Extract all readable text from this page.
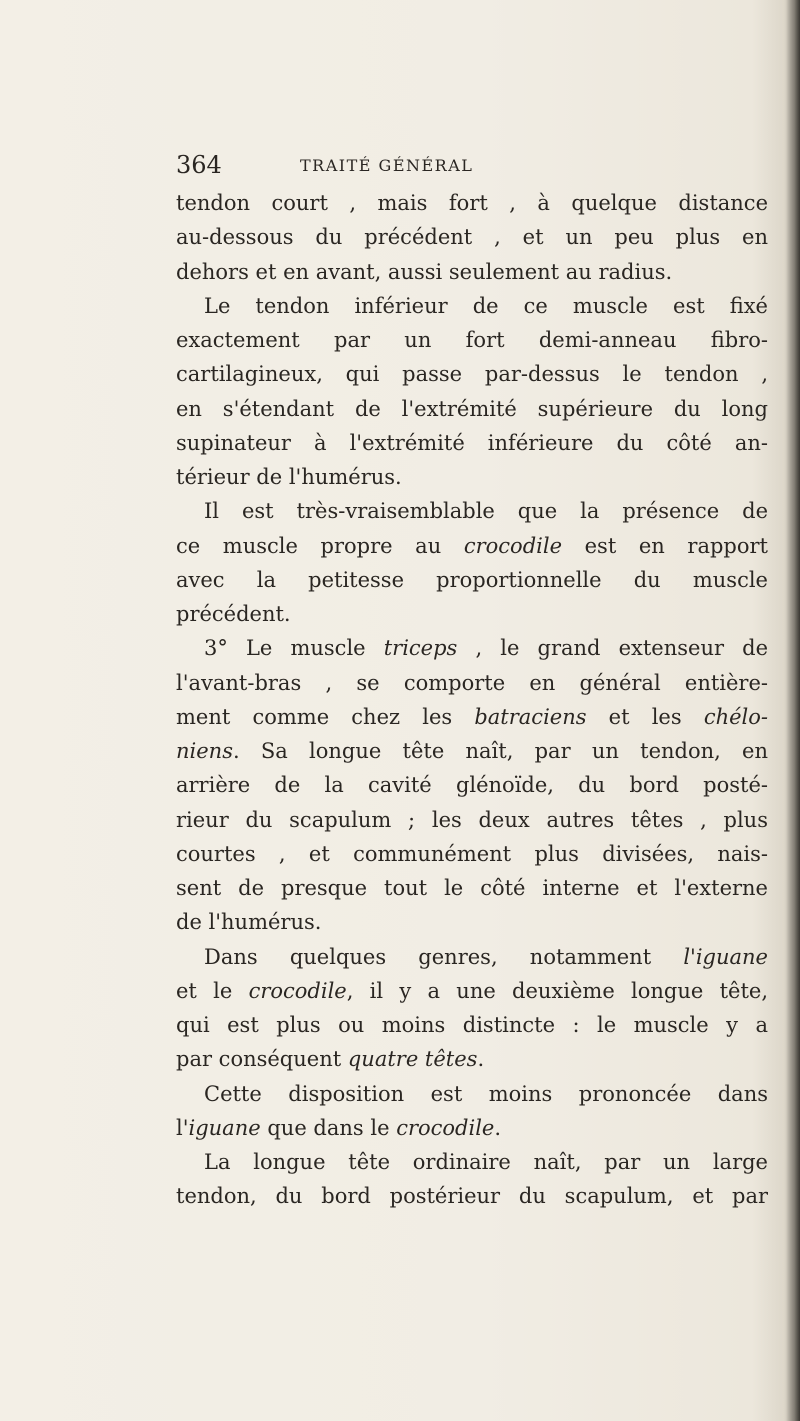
364	TRAITÉ GÉNÉRAL
tendon court , mais fort , à quelque distance
au-dessous du précédent , et un peu plus en
dehors et en avant, aussi seulement au radius.
Le tendon inférieur de ce muscle est fixé
exactement par un fort demi-anneau fibro-
cartilagineux, qui passe par-dessus le tendon ,
en s'étendant de l'extrémité supérieure du long
supinateur à l'extrémité inférieure du côté an-
térieur de l'humérus.
Il est très-vraisemblable que la présence de
ce muscle propre au crocodile est en rapport
avec la petitesse proportionnelle du muscle
précédent.
3° Le muscle triceps , le grand extenseur de
l'avant-bras , se comporte en général entière-
ment comme chez les batraciens et les chélo-
niens. Sa longue tête naît, par un tendon, en
arrière de la cavité glénoïde, du bord posté-
rieur du scapulum ; les deux autres têtes , plus
courtes , et communément plus divisées, nais-
sent de presque tout le côté interne et l'externe
de l'humérus.
Dans quelques genres, notamment l'iguane
et le crocodile, il y a une deuxième longue tête,
qui est plus ou moins distincte : le muscle y a
par conséquent quatre têtes.
Cette disposition est moins prononcée dans
l'iguane que dans le crocodile.
La longue tête ordinaire naît, par un large
tendon, du bord postérieur du scapulum, et par
